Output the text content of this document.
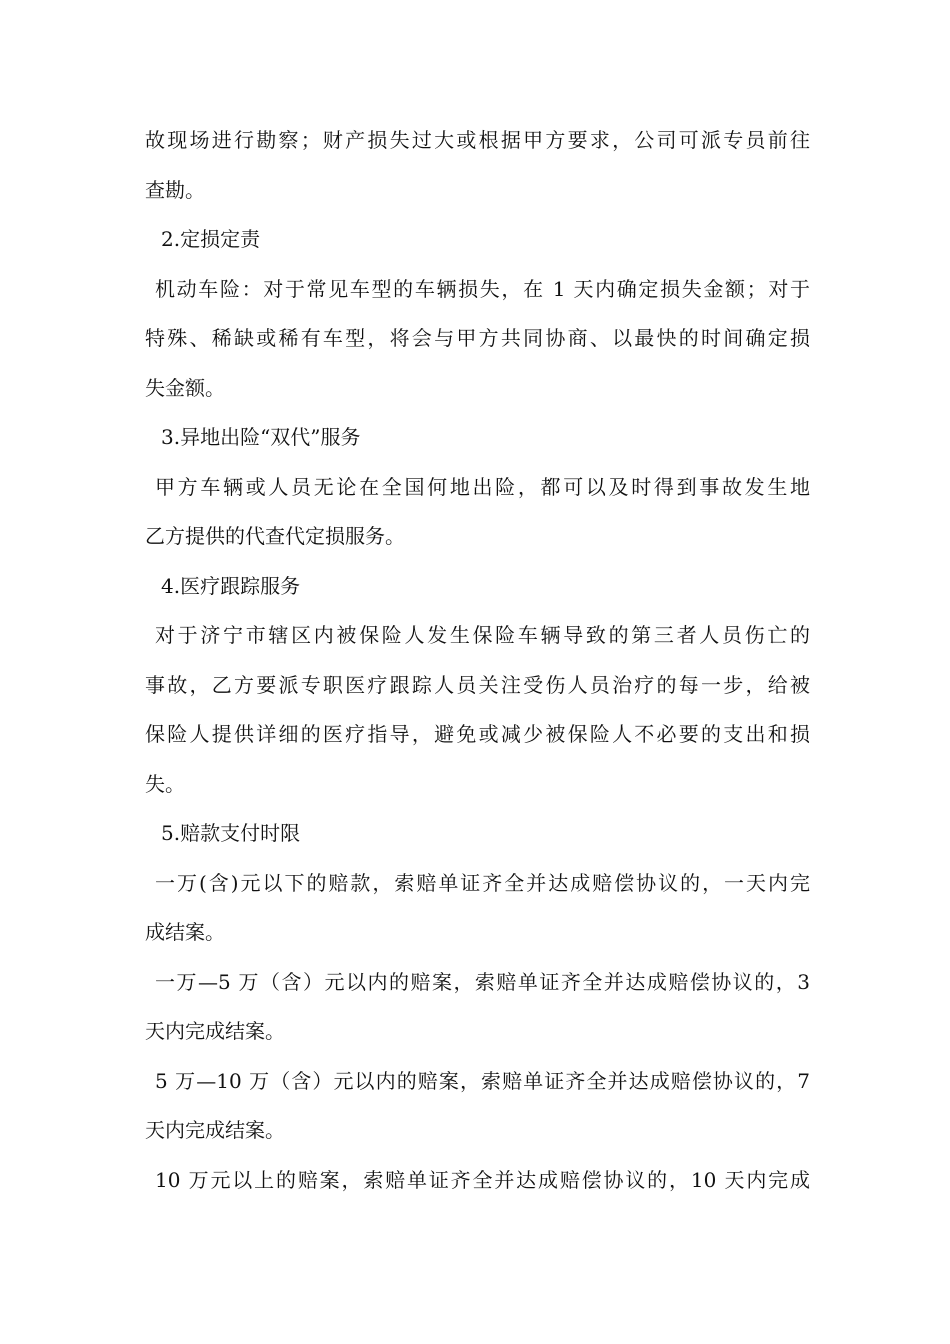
故现场进行勘察；财产损失过大或根据甲方要求，公司可派专员前往
查勘。
2.定损定责
机动车险：对于常见车型的车辆损失，在 1 天内确定损失金额；对于
特殊、稀缺或稀有车型，将会与甲方共同协商、以最快的时间确定损
失金额。
3.异地出险“双代”服务
甲方车辆或人员无论在全国何地出险，都可以及时得到事故发生地
乙方提供的代查代定损服务。
4.医疗跟踪服务
对于济宁市辖区内被保险人发生保险车辆导致的第三者人员伤亡的
事故，乙方要派专职医疗跟踪人员关注受伤人员治疗的每一步，给被
保险人提供详细的医疗指导，避免或减少被保险人不必要的支出和损
失。
5.赔款支付时限
一万(含)元以下的赔款，索赔单证齐全并达成赔偿协议的，一天内完
成结案。
一万—5 万（含）元以内的赔案，索赔单证齐全并达成赔偿协议的，3
天内完成结案。
5 万—10 万（含）元以内的赔案，索赔单证齐全并达成赔偿协议的，7
天内完成结案。
10 万元以上的赔案，索赔单证齐全并达成赔偿协议的，10 天内完成
